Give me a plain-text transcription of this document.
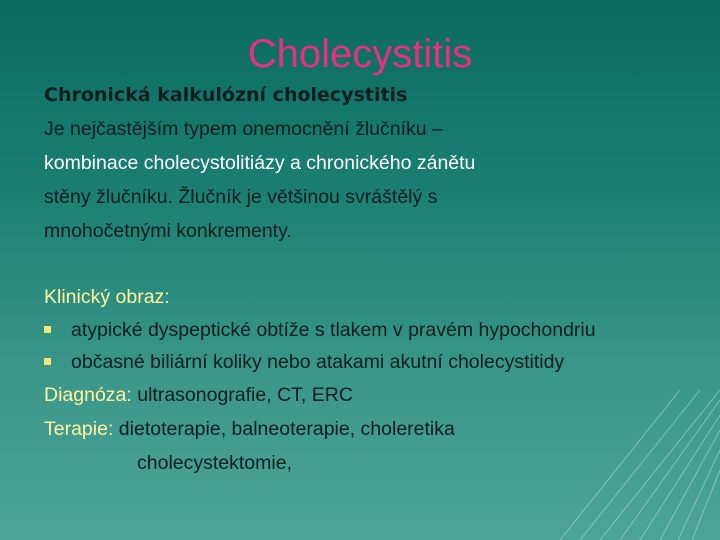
Cholecystitis
Chronická kalkulózní cholecystitis
Je nejčastějším typem onemocnění žlučníku –
kombinace cholecystolitiázy a chronického zánětu
stěny žlučníku. Žlučník je většinou svráštělý s
mnohočetnými konkrementy.
Klinický obraz:
atypické dyspeptické obtíže s tlakem v pravém hypochondriu
občasné biliární koliky nebo atakami akutní cholecystitidy
Diagnóza: ultrasonografie, CT, ERC
Terapie: dietoterapie, balneoterapie, choleretika
cholecystektomie,
